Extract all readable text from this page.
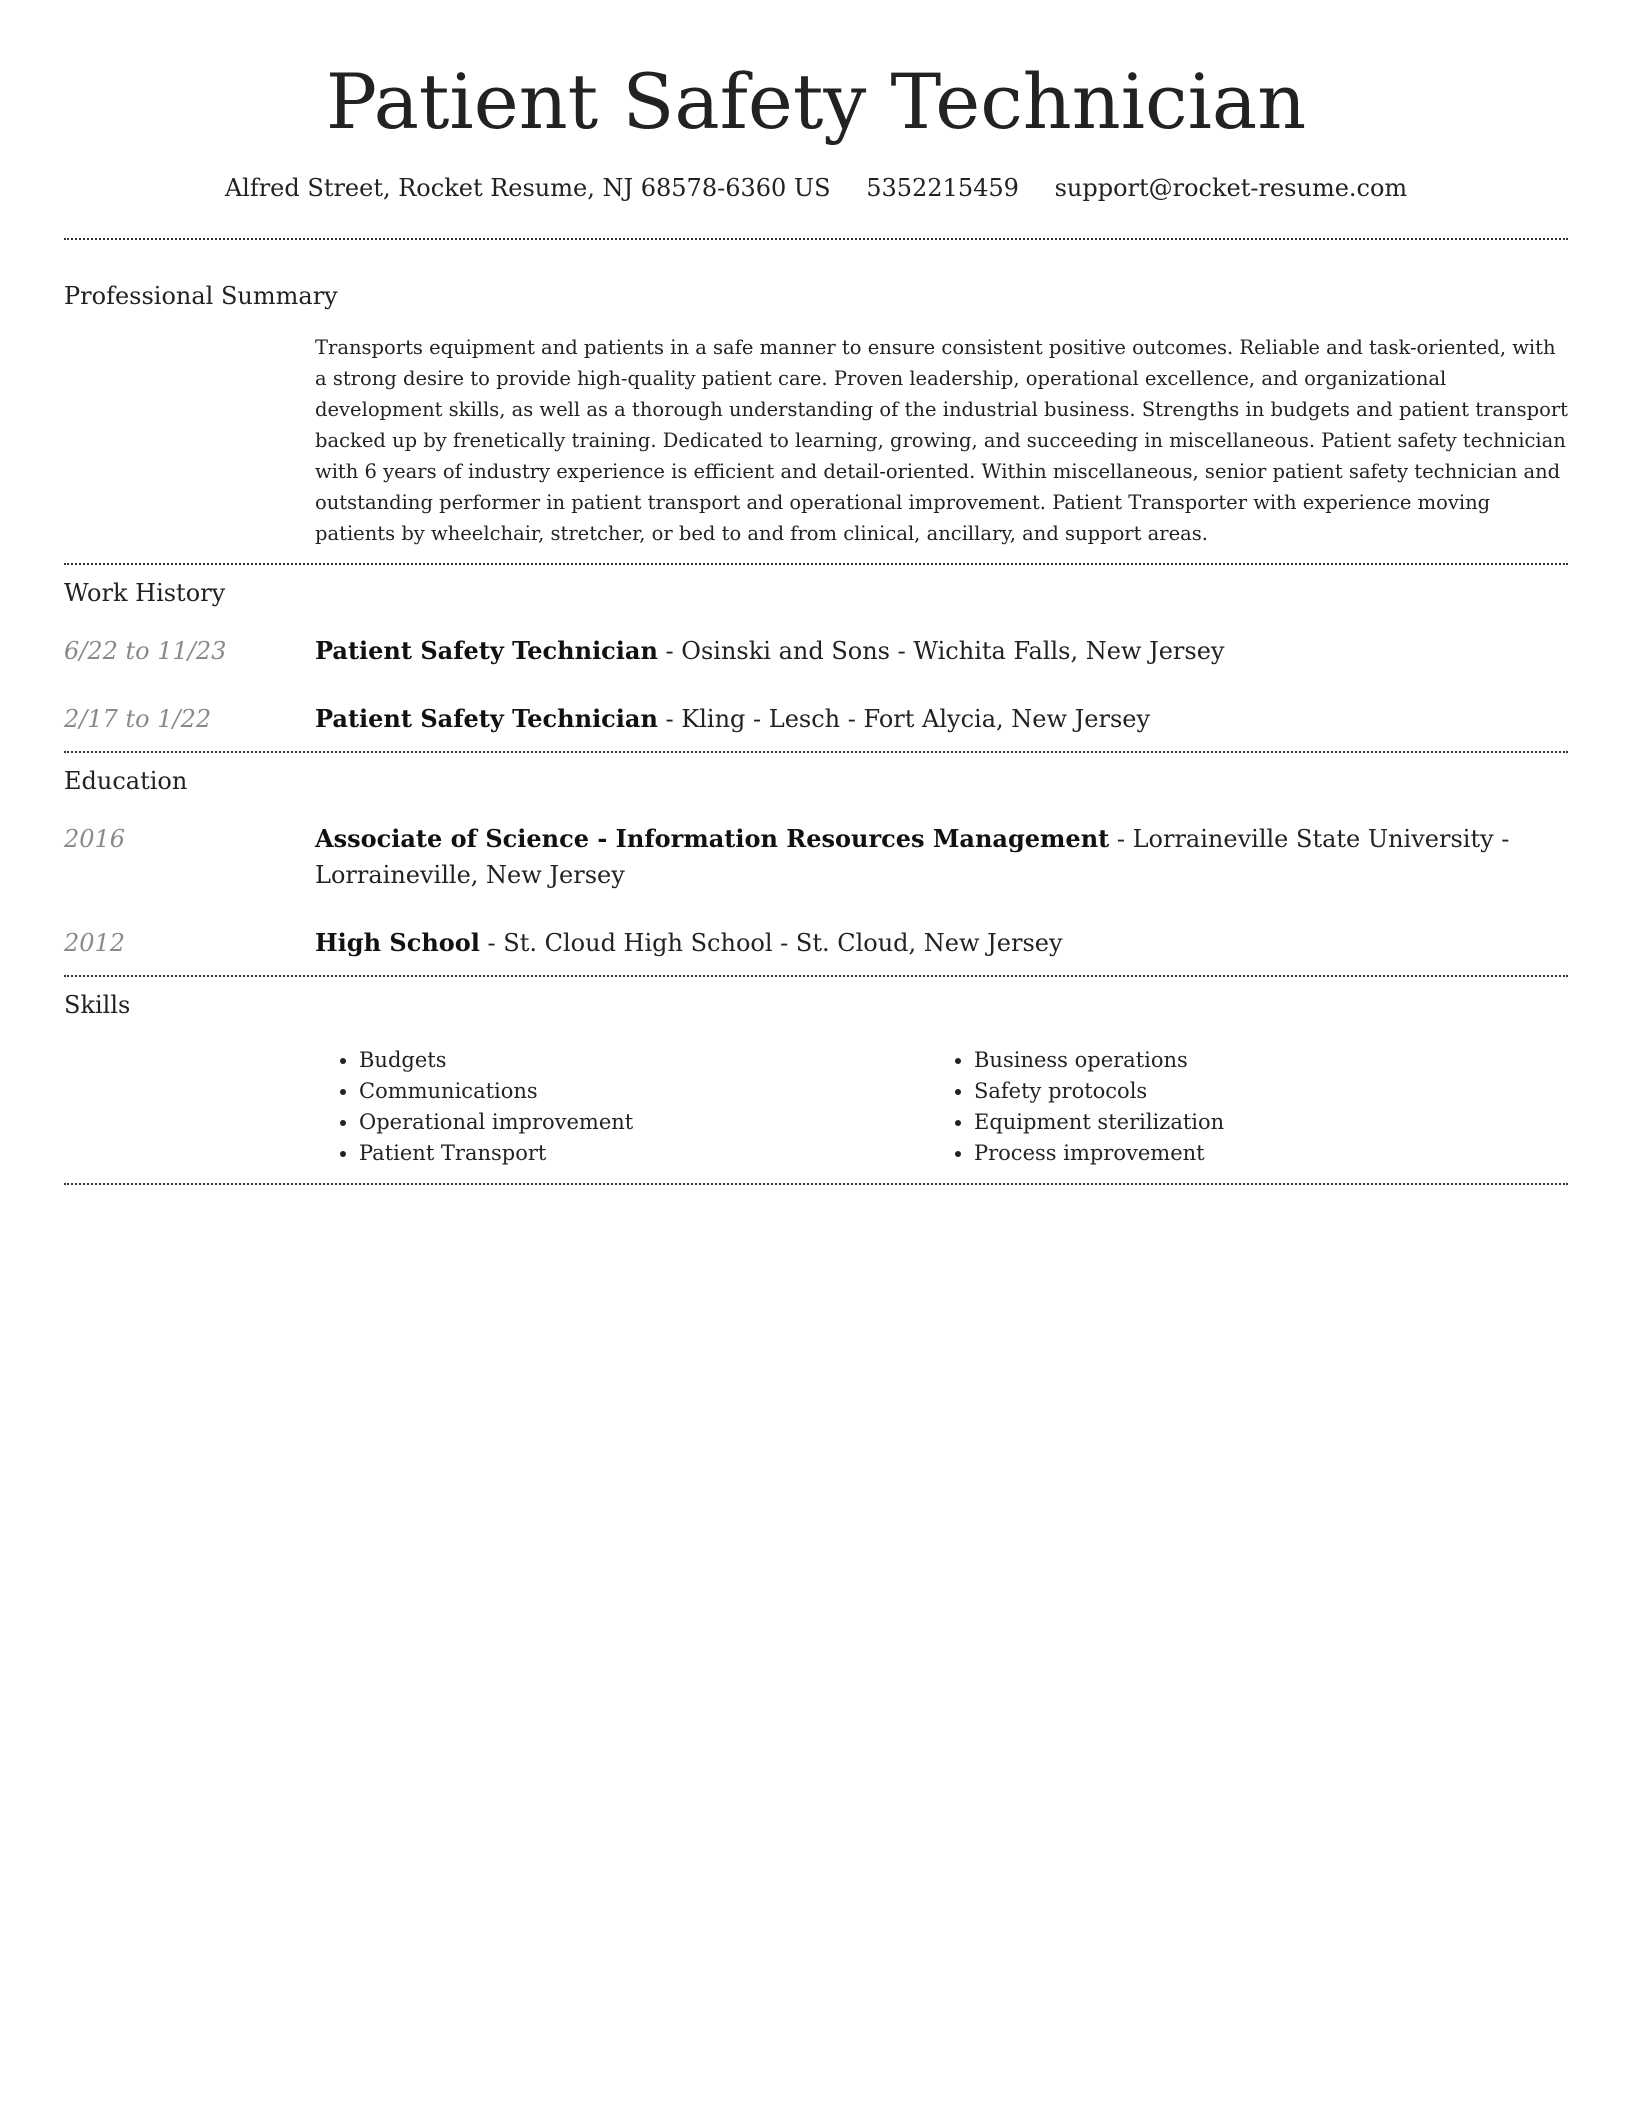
Patient Safety Technician
Alfred Street, Rocket Resume, NJ 68578-6360 US 5352215459 support@rocket-resume.com
Professional Summary

Transports equipment and patients in a safe manner to ensure consistent positive outcomes. Reliable and task-oriented, with a strong desire to provide high-quality patient care. Proven leadership, operational excellence, and organizational development skills, as well as a thorough understanding of the industrial business. Strengths in budgets and patient transport backed up by frenetically training. Dedicated to learning, growing, and succeeding in miscellaneous. Patient safety technician with 6 years of industry experience is efficient and detail-oriented. Within miscellaneous, senior patient safety technician and outstanding performer in patient transport and operational improvement. Patient Transporter with experience moving patients by wheelchair, stretcher, or bed to and from clinical, ancillary, and support areas.

Work History
6/22 to 11/23	Patient Safety Technician - Osinski and Sons - Wichita Falls, New Jersey
2/17 to 1/22	Patient Safety Technician - Kling - Lesch - Fort Alycia, New Jersey
Education
2016	Associate of Science - Information Resources Management - Lorraineville State University - Lorraineville, New Jersey
2012	High School - St. Cloud High School - St. Cloud, New Jersey
Skills
• Budgets
• Communications
• Operational improvement
• Patient Transport
• Business operations
• Safety protocols
• Equipment sterilization
• Process improvement
